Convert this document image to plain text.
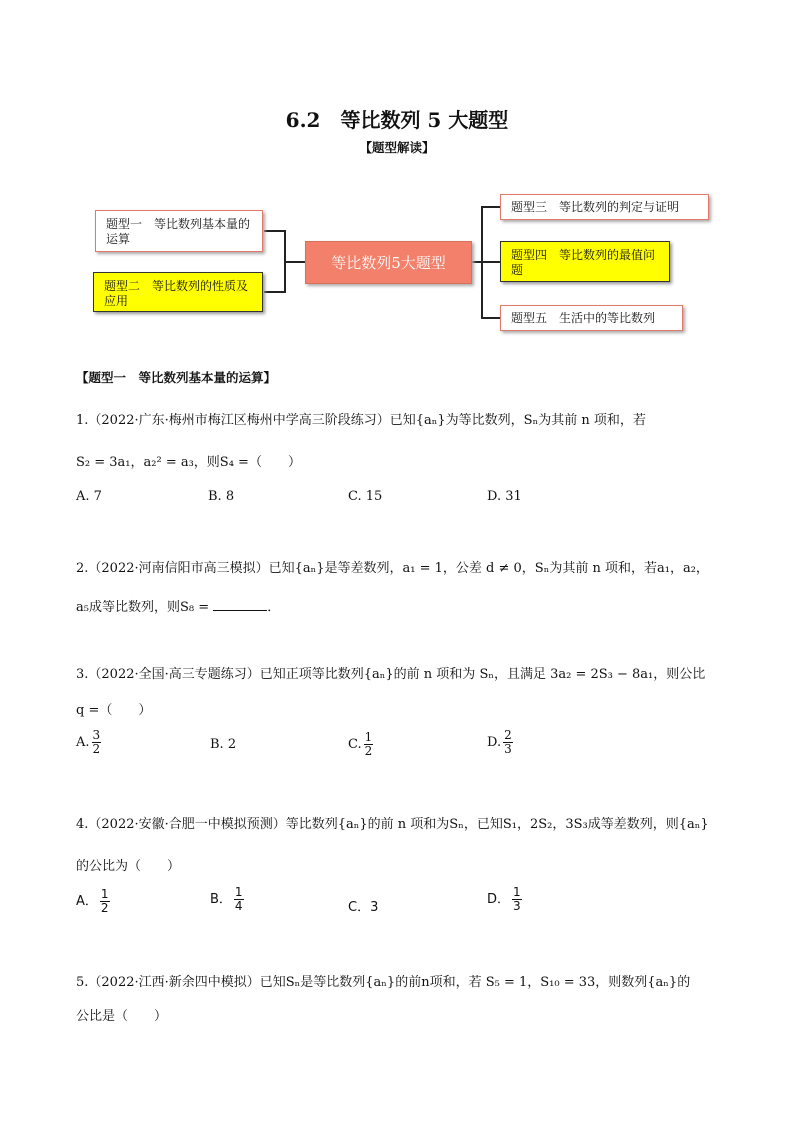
6.2　等比数列 5 大题型
【题型解读】
题型一　等比数列基本量的运算
题型二　等比数列的性质及应用
等比数列5大题型
题型三　等比数列的判定与证明
题型四　等比数列的最值问题
题型五　生活中的等比数列
【题型一　等比数列基本量的运算】
1.（2022·广东·梅州市梅江区梅州中学高三阶段练习）已知{aₙ}为等比数列，Sₙ为其前 n 项和，若
S₂ = 3a₁，a₂² = a₃，则S₄ =（　　）
A. 7	B. 8	C. 15	D. 31
2.（2022·河南信阳市高三模拟）已知{aₙ}是等差数列，a₁ = 1，公差 d ≠ 0，Sₙ为其前 n 项和，若a₁，a₂，
a₅成等比数列，则S₈ =	．
3.（2022·全国·高三专题练习）已知正项等比数列{aₙ}的前 n 项和为 Sₙ，且满足 3a₂ = 2S₃ − 8a₁，则公比
q =（　　）
A. $\frac{3}{2}$	B. 2	C. $\frac{1}{2}$	D. $\frac{2}{3}$
4.（2022·安徽·合肥一中模拟预测）等比数列{aₙ}的前 n 项和为Sₙ，已知S₁，2S₂，3S₃成等差数列，则{aₙ}
的公比为（　　）
A． $\frac{1}{2}$	B． $\frac{1}{4}$	C．3
D． $\frac{1}{3}$
5.（2022·江西·新余四中模拟）已知Sₙ是等比数列{aₙ}的前n项和，若 S₅ = 1，S₁₀ = 33，则数列{aₙ}的
公比是（　　）
